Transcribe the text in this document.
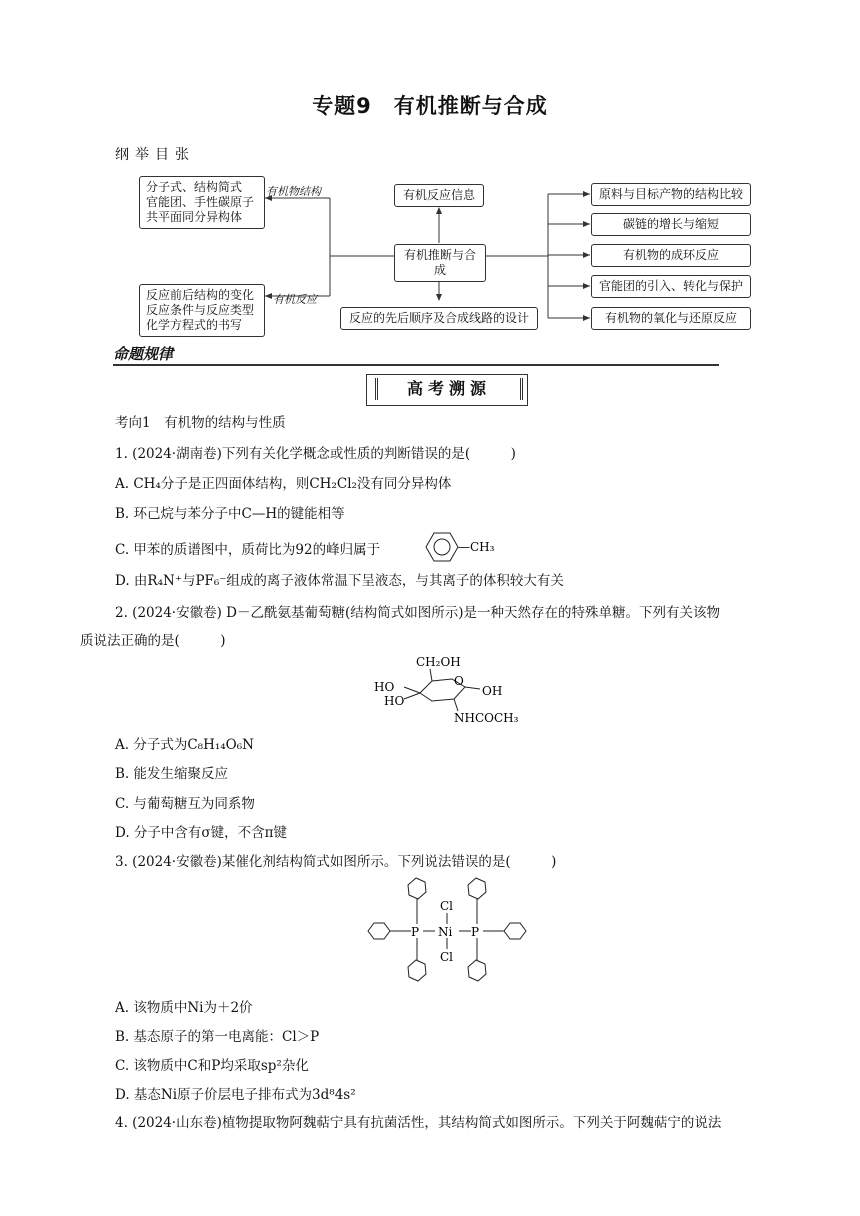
专题9　有机推断与合成
纲举目张
分子式、结构简式
官能团、手性碳原子
共平面同分异构体
有机物结构
反应前后结构的变化
反应条件与反应类型
化学方程式的书写
有机反应
有机反应信息
有机推断与合成
反应的先后顺序及合成线路的设计
原料与目标产物的结构比较
碳链的增长与缩短
有机物的成环反应
官能团的引入、转化与保护
有机物的氧化与还原反应
命题规律
高考溯源
考向1　有机物的结构与性质
1. (2024·湖南卷)下列有关化学概念或性质的判断错误的是(　　　)
A. CH₄分子是正四面体结构，则CH₂Cl₂没有同分异构体
B. 环己烷与苯分子中C—H的键能相等
C. 甲苯的质谱图中，质荷比为92的峰归属于	—CH₃
D. 由R₄N⁺与PF₆⁻组成的离子液体常温下呈液态，与其离子的体积较大有关
2. (2024·安徽卷) D－乙酰氨基葡萄糖(结构简式如图所示)是一种天然存在的特殊单糖。下列有关该物
质说法正确的是(　　　)
CH₂OH
O
OH
HO
HO
NHCOCH₃
A. 分子式为C₈H₁₄O₆N
B. 能发生缩聚反应
C. 与葡萄糖互为同系物
D. 分子中含有σ键，不含π键
3. (2024·安徽卷)某催化剂结构简式如图所示。下列说法错误的是(　　　)
P	P
Ni
Cl
Cl
A. 该物质中Ni为＋2价
B. 基态原子的第一电离能：Cl＞P
C. 该物质中C和P均采取sp²杂化
D. 基态Ni原子价层电子排布式为3d⁸4s²
4. (2024·山东卷)植物提取物阿魏萜宁具有抗菌活性，其结构简式如图所示。下列关于阿魏萜宁的说法
